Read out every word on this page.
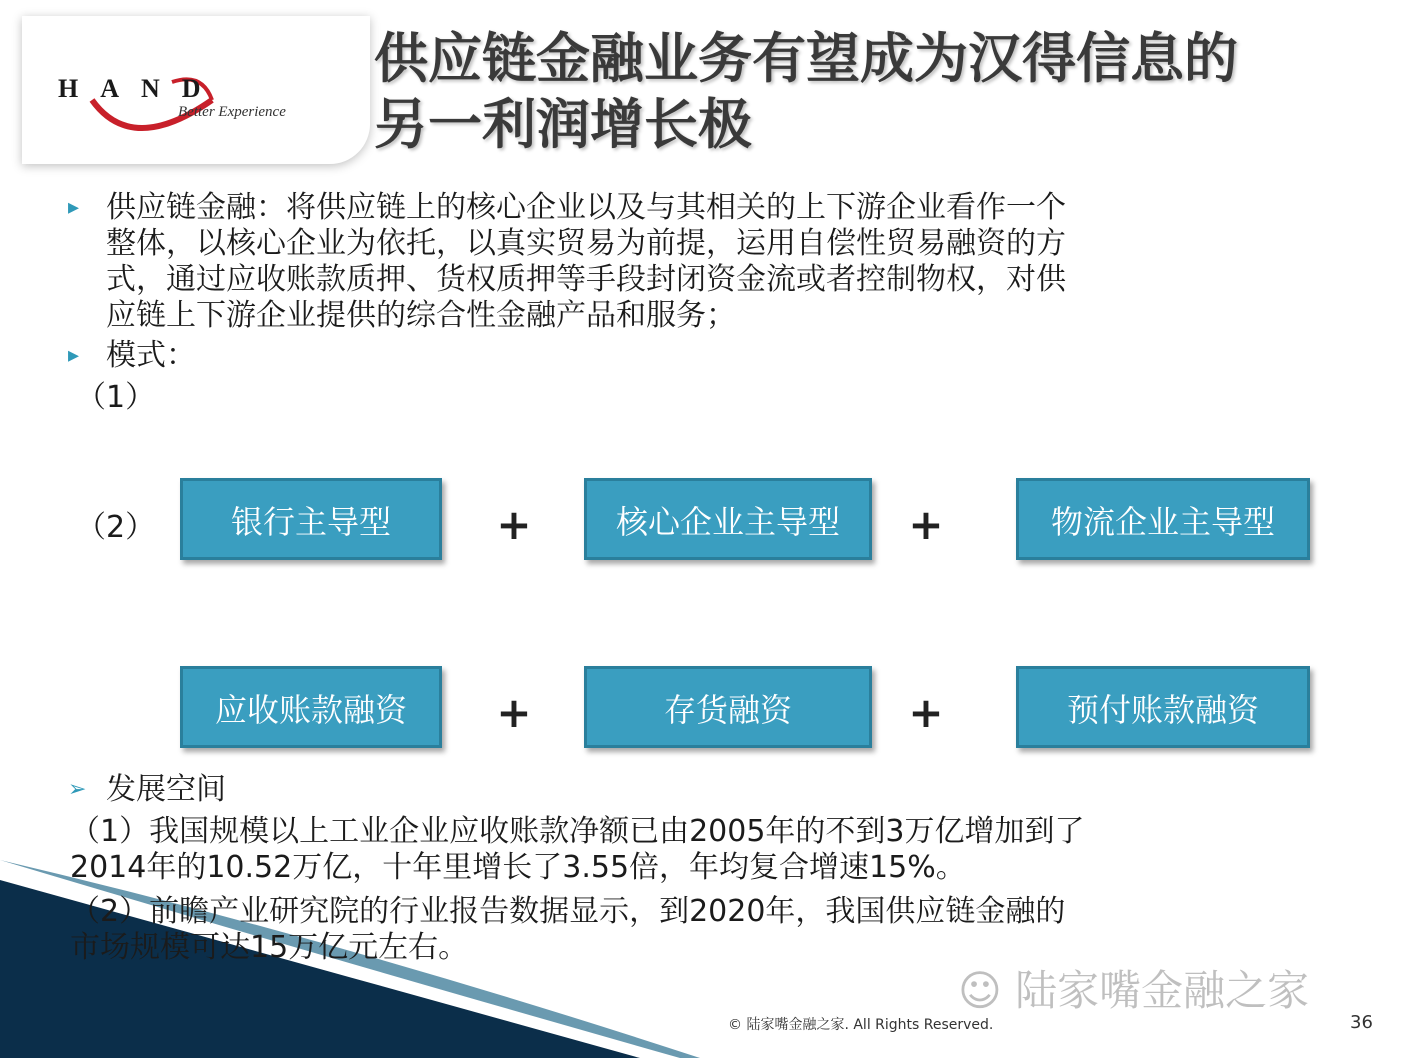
HAND
Better Experience
供应链金融业务有望成为汉得信息的
另一利润增长极
▸ 供应链金融：将供应链上的核心企业以及与其相关的上下游企业看作一个
整体，以核心企业为依托，以真实贸易为前提，运用自偿性贸易融资的方
式，通过应收账款质押、货权质押等手段封闭资金流或者控制物权，对供
应链上下游企业提供的综合性金融产品和服务；
▸ 模式：
（1）
（2）	银行主导型	+	核心企业主导型	+	物流企业主导型
应收账款融资	+	存货融资	+	预付账款融资
➢ 发展空间
（1）我国规模以上工业企业应收账款净额已由2005年的不到3万亿增加到了
2014年的10.52万亿，十年里增长了3.55倍，年均复合增速15%。
（2）前瞻产业研究院的行业报告数据显示，到2020年，我国供应链金融的
市场规模可达15万亿元左右。
☺ 陆家嘴金融之家
© 陆家嘴金融之家. All Rights Reserved.	36
